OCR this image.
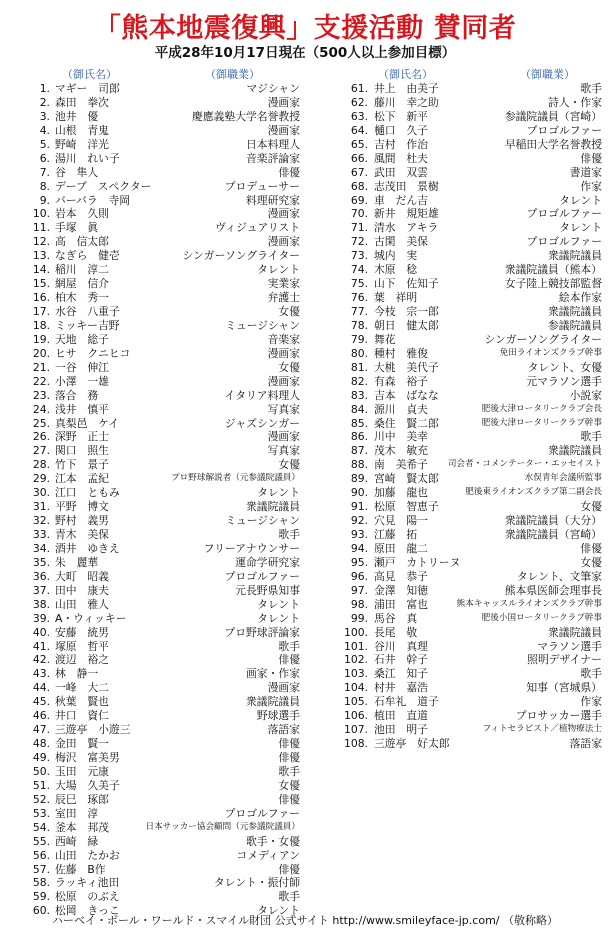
「熊本地震復興」支援活動 賛同者
平成28年10月17日現在（500人以上参加目標）
（御氏名）	（御職業）	（御氏名）	（御職業）
1. マギー　司郎	マジシャン
2. 森田　拳次	漫画家
3. 池井　優	慶應義塾大学名誉教授
4. 山根　青鬼	漫画家
5. 野崎　洋光	日本料理人
6. 湯川　れい子	音楽評論家
7. 谷　隼人	俳優
8. デーブ　スペクター	プロデューサー
9. バーバラ　寺岡	料理研究家
10. 岩本　久則	漫画家
11. 手塚　眞	ヴィジュアリスト
12. 高　信太郎	漫画家
13. なぎら　健壱	シンガーソングライター
14. 稲川　淳二	タレント
15. 網屋　信介	実業家
16. 柏木　秀一	弁護士
17. 水谷　八重子	女優
18. ミッキー吉野	ミュージシャン
19. 天地　総子	音楽家
20. ヒサ　クニヒコ	漫画家
21. 一谷　伸江	女優
22. 小澤　一雄	漫画家
23. 落合　務	イタリア料理人
24. 浅井　慎平	写真家
25. 真梨邑　ケイ	ジャズシンガー
26. 深野　正士	漫画家
27. 関口　照生	写真家
28. 竹下　景子	女優
29. 江本　孟紀	プロ野球解説者（元参議院議員）
30. 江口　ともみ	タレント
31. 平野　博文	衆議院議員
32. 野村　義男	ミュージシャン
33. 青木　美保	歌手
34. 酒井　ゆきえ	フリーアナウンサー
35. 朱　麗華	運命学研究家
36. 大町　昭義	プロゴルファー
37. 田中　康夫	元長野県知事
38. 山田　雅人	タレント
39. A・ウィッキー	タレント
40. 安藤　統男	プロ野球評論家
41. 塚原　哲平	歌手
42. 渡辺　裕之	俳優
43. 林　静一	画家・作家
44. 一峰　大二	漫画家
45. 秋葉　賢也	衆議院議員
46. 井口　資仁	野球選手
47. 三遊亭　小遊三	落語家
48. 金田　賢一	俳優
49. 梅沢　富美男	俳優
50. 玉田　元康	歌手
51. 大場　久美子	女優
52. 辰巳　琢郎	俳優
53. 室田　淳	プロゴルファー
54. 釜本　邦茂	日本サッカー協会顧問（元参議院議員）
55. 西崎　緑	歌手・女優
56. 山田　たかお	コメディアン
57. 佐藤　B作	俳優
58. ラッキィ池田	タレント・振付師
59. 松原　のぶえ	歌手
60. 松岡　きっこ	タレント
61. 井上　由美子	歌手
62. 藤川　幸之助	詩人・作家
63. 松下　新平	参議院議員（宮崎）
64. 樋口　久子	プロゴルファー
65. 吉村　作治	早稲田大学名誉教授
66. 風間　杜夫	俳優
67. 武田　双雲	書道家
68. 志茂田　景樹	作家
69. 車　だん吉	タレント
70. 新井　規矩雄	プロゴルファー
71. 清水　アキラ	タレント
72. 古閑　美保	プロゴルファー
73. 城内　実	衆議院議員
74. 木原　稔	衆議院議員（熊本）
75. 山下　佐知子	女子陸上競技部監督
76. 葉　祥明	絵本作家
77. 今枝　宗一郎	衆議院議員
78. 朝日　健太郎	参議院議員
79. 舞花	シンガーソングライター
80. 種村　雅俊	免田ライオンズクラブ幹事
81. 大桃　美代子	タレント、女優
82. 有森　裕子	元マラソン選手
83. 吉本　ばなな	小説家
84. 源川　貞夫	肥後大津ロータリークラブ会長
85. 桑住　賢二郎	肥後大津ロータリークラブ幹事
86. 川中　美幸	歌手
87. 茂木　敏充	衆議院議員
88. 南　美希子 司会者・コメンテーター・エッセイスト
89. 宮崎　賢太郎	水俣青年会議所監事
90. 加藤　龍也	肥後東ライオンズクラブ第二副会長
91. 松原　智恵子	女優
92. 穴見　陽一	衆議院議員（大分）
93. 江藤　拓	衆議院議員（宮崎）
94. 原田　龍二	俳優
95. 瀬戸　カトリーヌ	女優
96. 高見　恭子	タレント、文筆家
97. 金澤　知徳	熊本県医師会理事長
98. 浦田　富也	熊本キャッスルライオンズクラブ幹事
99. 馬谷　真	肥後小国ロータリークラブ幹事
100. 長尾　敬	衆議院議員
101. 谷川　真理	マラソン選手
102. 石井　幹子	照明デザイナー
103. 桑江　知子	歌手
104. 村井　嘉浩	知事（宮城県）
105. 石牟礼　道子	作家
106. 植田　直道	プロサッカー選手
107. 池田　明子	フィトセラピスト／植物療法士
108. 三遊亭　好太郎	落語家
ハーベイ・ボール・ワールド・スマイル財団 公式サイト http://www.smileyface-jp.com/ （敬称略）
